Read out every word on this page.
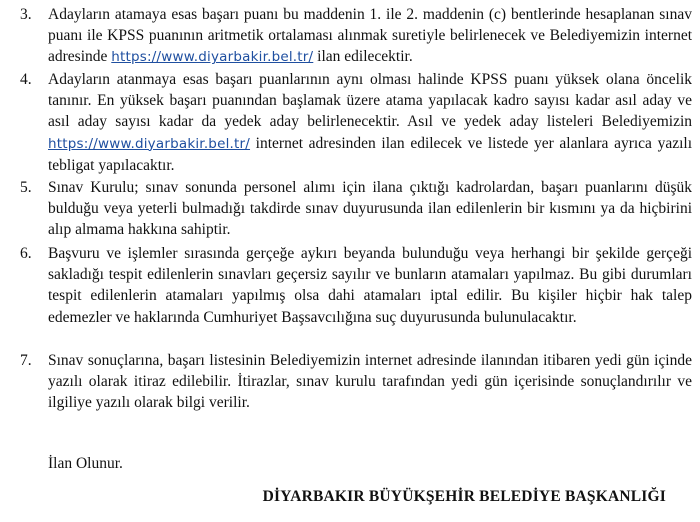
3.	Adayların atamaya esas başarı puanı bu maddenin 1. ile 2. maddenin (c) bentlerinde hesaplanan sınav puanı ile KPSS puanının aritmetik ortalaması alınmak suretiyle belirlenecek ve Belediyemizin internet adresinde https://www.diyarbakir.bel.tr/ ilan edilecektir.
4.	Adayların atanmaya esas başarı puanlarının aynı olması halinde KPSS puanı yüksek olana öncelik tanınır. En yüksek başarı puanından başlamak üzere atama yapılacak kadro sayısı kadar asıl aday ve asıl aday sayısı kadar da yedek aday belirlenecektir. Asıl ve yedek aday listeleri Belediyemizin https://www.diyarbakir.bel.tr/ internet adresinden ilan edilecek ve listede yer alanlara ayrıca yazılı tebligat yapılacaktır.
5.	Sınav Kurulu; sınav sonunda personel alımı için ilana çıktığı kadrolardan, başarı puanlarını düşük bulduğu veya yeterli bulmadığı takdirde sınav duyurusunda ilan edilenlerin bir kısmını ya da hiçbirini alıp almama hakkına sahiptir.
6.	Başvuru ve işlemler sırasında gerçeğe aykırı beyanda bulunduğu veya herhangi bir şekilde gerçeği sakladığı tespit edilenlerin sınavları geçersiz sayılır ve bunların atamaları yapılmaz. Bu gibi durumları tespit edilenlerin atamaları yapılmış olsa dahi atamaları iptal edilir. Bu kişiler hiçbir hak talep edemezler ve haklarında Cumhuriyet Başsavcılığına suç duyurusunda bulunulacaktır.
7.	Sınav sonuçlarına, başarı listesinin Belediyemizin internet adresinde ilanından itibaren yedi gün içinde yazılı olarak itiraz edilebilir. İtirazlar, sınav kurulu tarafından yedi gün içerisinde sonuçlandırılır ve ilgiliye yazılı olarak bilgi verilir.
İlan Olunur.
DİYARBAKIR BÜYÜKŞEHİR BELEDİYE BAŞKANLIĞI
